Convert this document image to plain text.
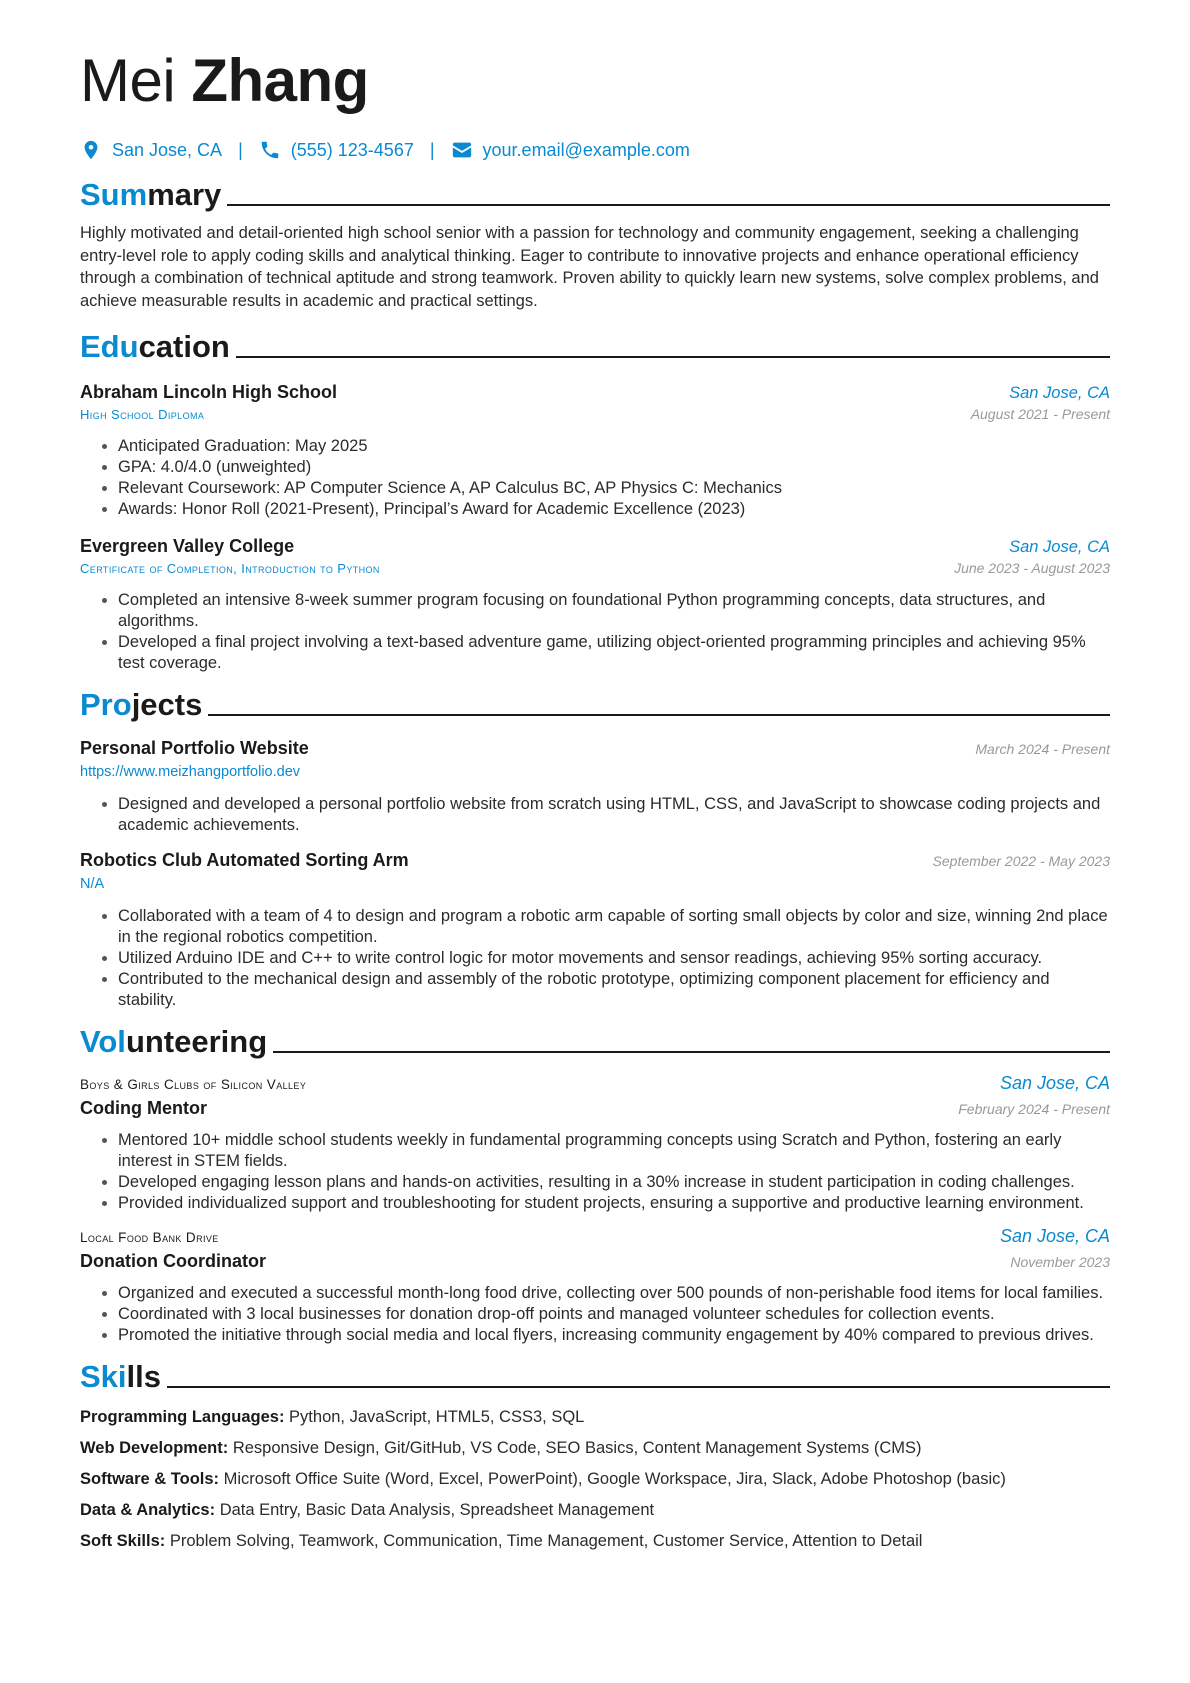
Mei Zhang
San Jose, CA |	(555) 123-4567 |	your.email@example.com
Summary

Highly motivated and detail-oriented high school senior with a passion for technology and community engagement, seeking a challenging entry-level role to apply coding skills and analytical thinking. Eager to contribute to innovative projects and enhance operational efficiency through a combination of technical aptitude and strong teamwork. Proven ability to quickly learn new systems, solve complex problems, and achieve measurable results in academic and practical settings.

Education
Abraham Lincoln High School	San Jose, CA
High School Diploma	August 2021 - Present
• Anticipated Graduation: May 2025
• GPA: 4.0/4.0 (unweighted)
• Relevant Coursework: AP Computer Science A, AP Calculus BC, AP Physics C: Mechanics
• Awards: Honor Roll (2021-Present), Principal’s Award for Academic Excellence (2023)
Evergreen Valley College	San Jose, CA
Certificate of Completion, Introduction to Python	June 2023 - August 2023
• Completed an intensive 8-week summer program focusing on foundational Python programming concepts, data structures, and algorithms.
• Developed a final project involving a text-based adventure game, utilizing object-oriented programming principles and achieving 95% test coverage.
Projects
Personal Portfolio Website	March 2024 - Present
https://www.meizhangportfolio.dev
• Designed and developed a personal portfolio website from scratch using HTML, CSS, and JavaScript to showcase coding projects and academic achievements.
Robotics Club Automated Sorting Arm	September 2022 - May 2023
N/A
• Collaborated with a team of 4 to design and program a robotic arm capable of sorting small objects by color and size, winning 2nd place in the regional robotics competition.
• Utilized Arduino IDE and C++ to write control logic for motor movements and sensor readings, achieving 95% sorting accuracy.
• Contributed to the mechanical design and assembly of the robotic prototype, optimizing component placement for efficiency and stability.
Volunteering
Boys & Girls Clubs of Silicon Valley	San Jose, CA
Coding Mentor	February 2024 - Present
• Mentored 10+ middle school students weekly in fundamental programming concepts using Scratch and Python, fostering an early interest in STEM fields.
• Developed engaging lesson plans and hands-on activities, resulting in a 30% increase in student participation in coding challenges.
• Provided individualized support and troubleshooting for student projects, ensuring a supportive and productive learning environment.
Local Food Bank Drive	San Jose, CA
Donation Coordinator	November 2023
• Organized and executed a successful month-long food drive, collecting over 500 pounds of non-perishable food items for local families.
• Coordinated with 3 local businesses for donation drop-off points and managed volunteer schedules for collection events.
• Promoted the initiative through social media and local flyers, increasing community engagement by 40% compared to previous drives.
Skills
Programming Languages: Python, JavaScript, HTML5, CSS3, SQL
Web Development: Responsive Design, Git/GitHub, VS Code, SEO Basics, Content Management Systems (CMS)
Software & Tools: Microsoft Office Suite (Word, Excel, PowerPoint), Google Workspace, Jira, Slack, Adobe Photoshop (basic)
Data & Analytics: Data Entry, Basic Data Analysis, Spreadsheet Management
Soft Skills: Problem Solving, Teamwork, Communication, Time Management, Customer Service, Attention to Detail
